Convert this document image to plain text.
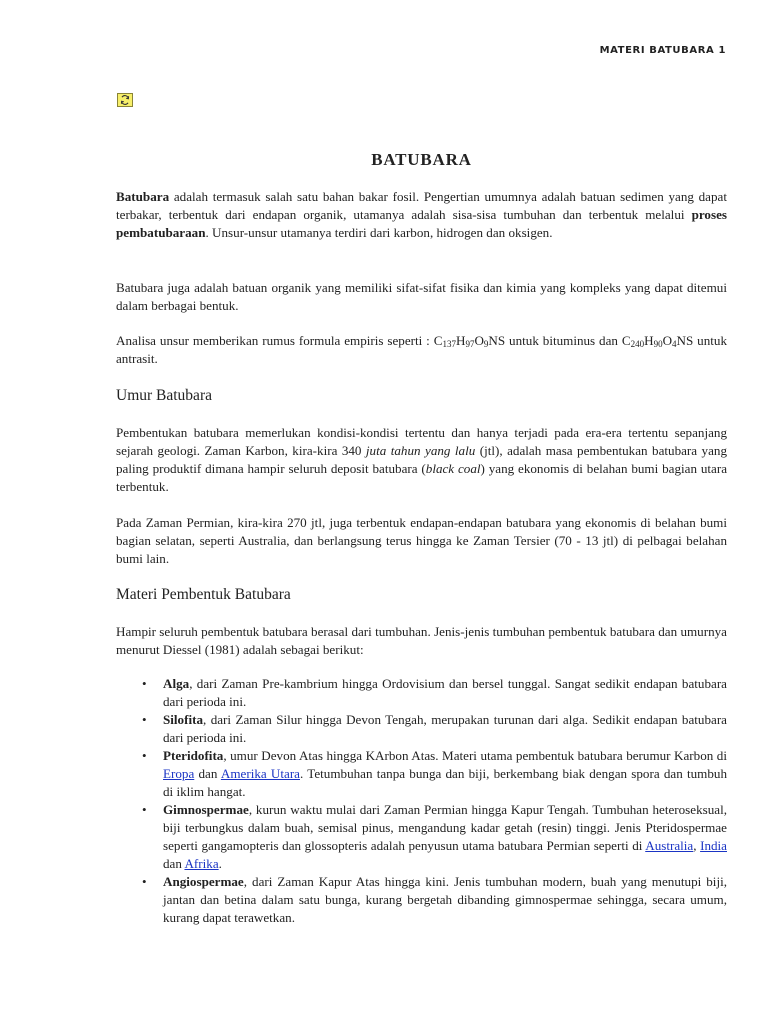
MATERI BATUBARA 1
BATUBARA

Batubara adalah termasuk salah satu bahan bakar fosil. Pengertian umumnya adalah batuan sedimen yang dapat terbakar, terbentuk dari endapan organik, utamanya adalah sisa-sisa tumbuhan dan terbentuk melalui proses pembatubaraan. Unsur-unsur utamanya terdiri dari karbon, hidrogen dan oksigen.

Batubara juga adalah batuan organik yang memiliki sifat-sifat fisika dan kimia yang kompleks yang dapat ditemui dalam berbagai bentuk.

Analisa unsur memberikan rumus formula empiris seperti : $C_{137}H_{97}O_9NS$ untuk bituminus dan $C_{240}H_{90}O_4NS$ untuk antrasit.

Umur Batubara

Pembentukan batubara memerlukan kondisi-kondisi tertentu dan hanya terjadi pada era-era tertentu sepanjang sejarah geologi. Zaman Karbon, kira-kira 340 juta tahun yang lalu (jtl), adalah masa pembentukan batubara yang paling produktif dimana hampir seluruh deposit batubara (black coal) yang ekonomis di belahan bumi bagian utara terbentuk.

Pada Zaman Permian, kira-kira 270 jtl, juga terbentuk endapan-endapan batubara yang ekonomis di belahan bumi bagian selatan, seperti Australia, dan berlangsung terus hingga ke Zaman Tersier (70 - 13 jtl) di pelbagai belahan bumi lain.

Materi Pembentuk Batubara

Hampir seluruh pembentuk batubara berasal dari tumbuhan. Jenis-jenis tumbuhan pembentuk batubara dan umurnya menurut Diessel (1981) adalah sebagai berikut:

• Alga, dari Zaman Pre-kambrium hingga Ordovisium dan bersel tunggal. Sangat sedikit endapan batubara dari perioda ini.
• Silofita, dari Zaman Silur hingga Devon Tengah, merupakan turunan dari alga. Sedikit endapan batubara dari perioda ini.
• Pteridofita, umur Devon Atas hingga KArbon Atas. Materi utama pembentuk batubara berumur Karbon di Eropa dan Amerika Utara. Tetumbuhan tanpa bunga dan biji, berkembang biak dengan spora dan tumbuh di iklim hangat.
• Gimnospermae, kurun waktu mulai dari Zaman Permian hingga Kapur Tengah. Tumbuhan heteroseksual, biji terbungkus dalam buah, semisal pinus, mengandung kadar getah (resin) tinggi. Jenis Pteridospermae seperti gangamopteris dan glossopteris adalah penyusun utama batubara Permian seperti di Australia, India dan Afrika.
• Angiospermae, dari Zaman Kapur Atas hingga kini. Jenis tumbuhan modern, buah yang menutupi biji, jantan dan betina dalam satu bunga, kurang bergetah dibanding gimnospermae sehingga, secara umum, kurang dapat terawetkan.
